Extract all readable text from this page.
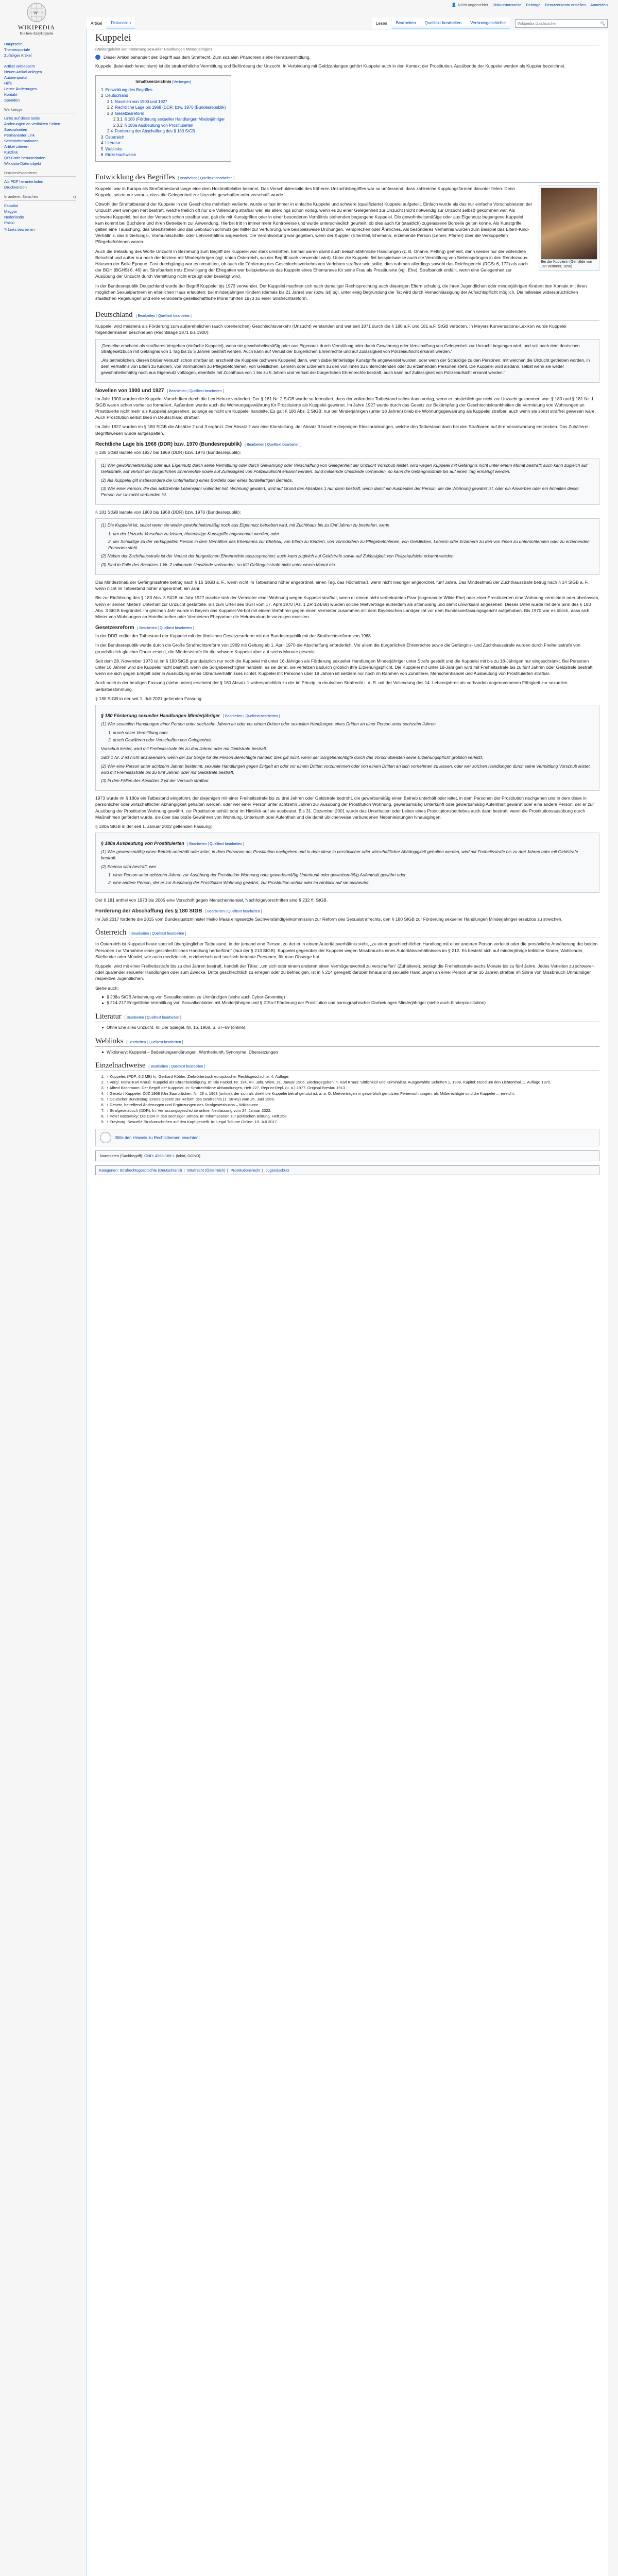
👤 Nicht angemeldet Diskussionsseite Beiträge Benutzerkonto erstellen Anmelden
W
WIKIPEDIA
Die freie Enzyklopädie
Artikel	Diskussion	Lesen	Bearbeiten	Quelltext bearbeiten	Versionsgeschichte	Wikipedia durchsuchen	🔍
Hauptseite
Themenportale
Zufälliger Artikel
Artikel verbessern
Neuen Artikel anlegen
Autorenportal
Hilfe
Letzte Änderungen
Kontakt
Spenden
Werkzeuge
Links auf diese Seite
Änderungen an verlinkten Seiten
Spezialseiten
Permanenter Link
Seiteninformationen
Artikel zitieren
Kurzlink
QR-Code herunterladen
Wikidata-Datenobjekt
Drucken/exportieren
Als PDF herunterladen
Druckversion
In anderen Sprachen	⚙
Español
Magyar
Nederlands
Polski
✎ Links bearbeiten
Kuppelei
(Weitergeleitet von Förderung sexueller Handlungen Minderjähriger)
Dieser Artikel behandelt den Begriff aus dem Strafrecht. Zum sozialen Phänomen siehe Heiratsvermittlung.

Kuppelei (lateinisch lenocinium) ist die strafrechtliche Vermittlung und Befördeung der Unzucht. In Verbindung mit Geldzahlungen gehört Kuppelei auch in den Kontext der Prostitution. Ausübende der Kuppelei werden als Kuppler bezeichnet.

Inhaltsverzeichnis [Verbergen]
1 Entwicklung des Begriffes
2 Deutschland
2.1 Novellen von 1900 und 1927
2.2 Rechtliche Lage bis 1968 (DDR: bzw. 1970 (Bundesrepublik)
2.3 Gesetzesreform
2.3.1 § 180 (Förderung sexueller Handlungen Minderjähriger
2.3.2 § 180a Ausbeutung von Prostituierten
2.4 Forderung der Abschaffung des § 180 StGB
3 Österreich
4 Literatur
5 Weblinks
6 Einzelnachweise
Entwicklung des Begriffes [ Bearbeiten | Quelltext bearbeiten ]
Bei der Kupplerin (Gemälde von Jan Vermeer, 1656)

Kuppelei war in Europa als Straftatbestand lange eine dem Hochmittelalter bekannt. Das Verschuldensbild des früheren Unzuchtsbegriffes war so umfassend, dass zahlreiche Kupplungsformen darunter fielen: Denn Kuppelei setzte nur voraus, dass die Gelegenheit zur Unzucht geschaffen oder verschafft wurde.

Obwohl der Straftatbestand der Kuppelei in der Geschichte mehrfach variierte, wurde er fast immer in einfache Kuppelei und schwere (qualifizierte) Kuppelei aufgeteilt. Einfach wurde als das nur einfache Vorschubleisten der Unzucht wert wenigen hert bestraft, welche freilich oft nur die Vollendung strafbar war, als allerdings schon vorlag, wenn es zu einer Gelegenheit zur Unzucht (nicht notwendig zur Unzucht selbst) gekommen war. Als schwere Kuppelei, bei der der Versuch schon strafbar war, galt die mit Kunstgriffen oder in einer besonderen Verhältnis stehenden begangene Kuppelei. Die gewohnheitsmäßige oder aus Eigennutz begangene Kuppelei kam kommt bei Buchdem und ihren Betreibern zur Anwendung. Hierbei tritt in immer mehr Kontroverse und wurde unterschiedlich geurteilt, ob dies auch für (staatlich) zugelassene Bordelle gelten könne. Als Kunstgriffe galten eine Täuschung, das Gleichstellen und das Gebrauch schmutziger Mittel zur Verführung, wie beispielsweise Drohungen, Versprechen oder Ähnliches. Als besonderes Verhältnis wurden zum Beispiel das Eltern-Kind-Verhältnis, das Erziehungs-, Vormundschafts- oder Lehrverhältnis angesehen. Die Verantwortung war gegeben, wenn der Kuppler (Elternteil, Ehemann, erziehende Person (Lehrer, Pfarrer) über die Verkuppelten Pflegebefohlenen waren.

Auch die Belastung des Worte Unzucht in Beziehung zum Begriff der Kuppelei war stark umstritten. Einmal waren damit auch beischlafähnliche Handlungen (z. B. Onanie, Petting) gemeint, dann wieder nur der vollendete Beischlaf und außer nur noch der letztere mit Minderjährigen (vgl. unten Österreich, wo der Begriff noch verwendet wird). Unter die Kuppelei fiel beispielsweise auch die Vermittlung von Seitensprüngen in den Rendezvous-Häusern der Belle Époque. Fast durchgängig war es umstritten, ob auch die Förderung des Geschlechtsverkehrs von Verlobten strafbar sein sollte, dies nahmen allerdings sowohl das Reichsgericht (RGSt 6, 172) als auch der BGH (BGHSt 6, 46) an. Strafbarkeit trotz Einwilligung der Ehegatten war beispielsweise das Kuppeln eines Ehemannes für seine Frau als Prostituierte (vgl. Ehe). Strafbarkeit entfällt, wenn eine Gelegenheit zur Ausübung der Unzucht durch Vermittlung nicht erzeugt oder beseitigt wird.

In der Bundesrepublik Deutschland wurde der Begriff Kuppelei bis 1973 verwendet. Der Kuppelei machten sich nach damaliger Rechtsprechung auch diejenigen Eltern schuldig, die ihren Jugendlichen oder minderjährigen Kindern den Kontakt mit ihren möglichen Sexualpartnern im elterlichen Haus erlaubten; bei minderjährigen Kindern (damals bis 21 Jahre) war (bzw. ist) ugl, unter einig Begründung der Tat wird durch Vernachlässigung der Aufsichtspflicht möglich. Die teilweise widersprüchlichen staatlichen Regelungen und eine veränderte gesellschaftliche Moral führten 1973 zu einer Strafrechtsreform.

Deutschland [ Bearbeiten | Quelltext bearbeiten ]

Kuppelei wird meistens als Förderung zum außerehelichen (auch vorehelichen) Geschlechtsverkehr (Unzucht) verstanden und war seit 1871 durch die § 180 a.F. und 181 a.F. StGB verboten. In Meyers Konversations-Lexikon wurde Kuppelei folgendermaßen beschrieben (Rechtslage 1871 bis 1900):

„Derselbe erscheint als strafbares Vergehen (einfache Kuppelei), wenn sie gewohnheitsmäßig oder aus Eigennutz durch Vermittlung oder durch Gewährung oder Verschaffung von Gelegenheit zur Unzucht begangen wird, und soll nach dem deutschen Strafgesetzbuch mit Gefängnis von 1 Tag bis zu 5 Jahren bestraft werden. Auch kann auf Verlust der bürgerlichen Ehrenrechte und auf Zulässigkeit von Polizeiaufsicht erkannt werden.“

„Als betrieblichen, diesen bloßer Versuch schon strafbar ist, erscheint die Kuppelei (schwere Kuppelei) dann, wenn dabei hinterlistige Kunstgriffe angewendet wurden, oder wenn der Schuldige zu den Personen, mit welchen die Unzucht getrieben worden, in dem Verhältnis von Eltern zu Kindern, von Vormündern zu Pflegebefohlenen, von Geistlichen, Lehrern oder Erziehern zu den von ihnen zu unterrichtenden oder zu erziehenden Personen steht. Die Kuppelei wird alsdann, selbst wenn sie weder gewohnheitsmäßig noch aus Eigennutz vollzogen, ebenfalls mit Zuchthaus von 1 bis zu 5 Jahren und Verlust der bürgerlichen Ehrenrechte bestraft; auch kann auf Zulässigkeit von Polizeiaufsicht erkannt werden.“

Novellen von 1900 und 1927 [ Bearbeiten | Quelltext bearbeiten ]

Im Jahr 1900 wurden die Kuppelei-Vorschriften durch die Lex Heinze verändert. Der § 181 Nr. 2 StGB wurde so formuliert, dass der vollendete Tatbestand selbst dann vorlag, wenn er tatsächlich gar nicht zur Unzucht gekommen war. § 180 und § 181 Nr. 1 StGB waren schon vorher so formuliert. Außerdem wurde auch die Wohnungsgewährung für Prostituierte als Kuppelei gewertet. Im Jahre 1927 wurde durch das Gesetz zur Bekämpfung der Geschlechtskrankheiten die Vermietung von Wohnungen an Prostituierte nicht mehr als Kuppelei angesehen, solange es nicht um Kuppelei handelte. Es galt § 180 Abs. 2 StGB; nur bei Minderjährigen (unter 18 Jahren) blieb die Wohnungsgewährung als Kuppelei strafbar, auch wenn sie sonst straffrei gewesen wäre. Auch Prostitution selbst blieb in Deutschland strafbar.

Im Jahr 1927 wurden im § 180 StGB die Absätze 2 und 3 ergänzt. Der Absatz 2 war eine Klarstellung, der Absatz 3 brachte diejenigen Einschränkungen, welche den Tatbestand dann bei den Strafbaren auf ihre Verantwortung erstrecken. Das Zuhälterei-Begriffswesen wurde aufgespalten.

Rechtliche Lage bis 1968 (DDR) bzw. 1970 (Bundesrepublik) [ Bearbeiten | Quelltext bearbeiten ]

§ 180 StGB lautete von 1927 bis 1968 (DDR) bzw. 1970 (Bundesrepublik):

(1) Wer gewohnheitsmäßig oder aus Eigennutz durch seine Vermittlung oder durch Gewährung oder Verschaffung von Gelegenheit der Unzucht Vorschub leistet, wird wegen Kuppelei mit Gefängnis nicht unter einem Monat bestraft; auch kann zugleich auf Geldstrafe, auf Verlust der bürgerlichen Ehrenrechte sowie auf Zulässigkeit von Polizeiaufsicht erkannt werden. Sind mildernde Umstände vorhanden, so kann die Gefängnisstrafe bis auf einen Tag ermäßigt werden.

(2) Als Kuppelei gilt insbesondere die Unterhaltung eines Bordells oder eines bordellartigen Betriebs.

(3) Wer einer Person, die das achtzehnte Lebensjahr vollendet hat, Wohnung gewährt, wird auf Grund des Absatzes 1 nur dann bestraft, wenn damit ein Ausbeuten der Person, der die Wohnung gewährt ist, oder ein Anwerben oder ein Anhalten dieser Person zur Unzucht verbunden ist.

§ 181 StGB lautete von 1900 bis 1968 (DDR) bzw. 1970 (Bundesrepublik):

(1) Die Kuppelei ist, selbst wenn sie weder gewohnheitsmäßig noch aus Eigennutz betrieben wird, mit Zuchthaus bis zu fünf Jahren zu bestrafen, wenn

1. um der Unzucht Vorschub zu leisten, hinterlistige Kunstgriffe angewendet werden, oder
2. der Schuldige zu der verkuppelten Person in dem Verhältnis des Ehemanns zur Ehefrau, von Eltern zu Kindern, von Vormündern zu Pflegebefohlenen, von Geistlichen, Lehrern oder Erziehern zu den von ihnen zu unterrichtenden oder zu erziehenden Personen steht.

(2) Neben der Zuchthausstrafe ist der Verlust der bürgerlichen Ehrenrechte auszusprechen; auch kann zugleich auf Geldstrafe sowie auf Zulässigkeit von Polizeiaufsicht erkannt werden.

(3) Sind in Falle des Absatzes 1 Nr. 2 mildernde Umstände vorhanden, so tritt Gefängnisstrafe nicht unter einem Monat ein.

Das Mindestmaß der Gefängnisstrafe betrug nach § 16 StGB a. F., wenn nicht im Tatbestand höher angeordnet, einen Tag, das Höchstmaß, wenn nicht niedriger angeordnet, fünf Jahre. Das Mindestmaß der Zuchthausstrafe betrug nach § 14 StGB a. F., wenn nicht im Tatbestand höher angeordnet, ein Jahr.

Bis zur Einführung des § 180 Abs. 3 StGB im Jahr 1927 machte sich der Vermieter einer Wohnung wegen Kuppelei strafbar, wenn er einem nicht verheirateten Paar (sogenannte Wilde Ehe) oder einer Prostituierten eine Wohnung vermietete oder überlassen, wenn er seinen Mietern Unterhalt zur Unzucht gestattete. Bis zum Urteil des BGH vom 17. April 1970 (Az. 1 ZR 124/68) wurden solche Mietverträge außerdem als sittenwidrig und damit unwirksam angesehen. Dieses Urteil wurde mit dem Sinn des § 180 Abs. 3 StGB begründet. Im gleichen Jahr wurde in Bayern das Kuppelei-Verbot mit einem Verfahren gegen einen Vermieter zusammen mit dem Bayerischen Landgericht vor dem Bundesverfassungsgericht aufgehoben. Bis 1970 war es üblich, dass sich Mieter von Wohnungen an Hotelbetreiber oder Vermietern Ehepartner die Heiratsurkunde vorzeigen mussten.

Gesetzesreform [ Bearbeiten | Quelltext bearbeiten ]

In der DDR entfiel der Tatbestand der Kuppelei mit der ähnlichen Gesetzesreform mit der Bundesrepublik mit der Strafrechtsreform von 1968.

In der Bundesrepublik wurde durch die Große Strafrechtsreform von 1969 mit Geltung ab 1. April 1970 die Abschaffung erforderlich. Vor allem die bürgerlichen Ehrenrechte sowie die Gefängnis- und Zuchthausstrafe wurden durch Freiheitsstrafe von grundsätzlich gleicher Dauer ersetzt, die Mindeststrafe für die schwere Kuppelei aber auf sechs Monate gesenkt.

Seit dem 28. November 1973 ist im § 180 StGB grundsätzlich nur noch die Kuppelei mit unter 16-Jährigen als Förderung sexueller Handlungen Minderjähriger unter Strafe gestellt und die Kuppelei mit bis zu 18-Jährigen nur eingeschränkt. Bei Personen unter 16 Jahren wird die Kuppelei nicht bestraft, wenn die Sorgeberechtigten handeln, es sei denn, sie verletzen dadurch gröblich ihre Erziehungspflicht. Die Kuppelei mit unter 18-Jährigen wird mit Freiheitsstrafe bis zu fünf Jahren oder Geldstrafe bestraft, wenn sie sich gegen Entgelt oder in Ausnutzung eines Obhutsverhältnisses richtet. Kuppelei mit Personen über 18 Jahren ist seitdem nur noch im Rahmen von Zuhälterei, Menschenhandel und Ausbeutung von Prostituierten strafbar.

Auch noch in der heutigen Fassung (siehe unten) erscheint der § 180 Absatz 1 widersprüchlich zu der im Prinzip im deutschen Strafrecht i. d. R. mit der Vollendung des 14. Lebensjahres als vorhanden angenommenen Fähigkeit zur sexuellen Selbstbestimmung.

§ 180 StGB in der seit 1. Juli 2021 geltenden Fassung:

§ 180 Förderung sexueller Handlungen Minderjähriger [ Bearbeiten | Quelltext bearbeiten ]

(1) Wer sexuellen Handlungen einer Person unter sechzehn Jahren an oder vor einem Dritten oder sexuellen Handlungen eines Dritten an einer Person unter sechzehn Jahren

1. durch seine Vermittlung oder
2. durch Gewähren oder Verschaffen von Gelegenheit

Vorschub leistet, wird mit Freiheitsstrafe bis zu drei Jahren oder mit Geldstrafe bestraft.

Satz 1 Nr. 2 ist nicht anzuwenden, wenn der zur Sorge für die Person Berechtigte handelt; dies gilt nicht, wenn der Sorgeberechtigte durch das Vorschubleisten seine Erziehungspflicht gröblich verletzt.

(2) Wer eine Person unter achtzehn Jahren bestimmt, sexuelle Handlungen gegen Entgelt an oder vor einem Dritten vorzunehmen oder von einem Dritten an sich vornehmen zu lassen, oder wer solchen Handlungen durch seine Vermittlung Vorschub leistet, wird mit Freiheitsstrafe bis zu fünf Jahren oder mit Geldstrafe bestraft.

(3) In den Fällen des Absatzes 2 ist der Versuch strafbar.

1973 wurde im § 180a ein Tatbestand eingeführt, der diejenigen mit einer Freiheitsstrafe bis zu drei Jahren oder Geldstrafe bedroht, die gewerbsmäßig einen Betrieb unterhält oder leitet, in dem Personen der Prostitution nachgehen und in dem diese in persönlicher oder wirtschaftlicher Abhängigkeit gehalten werden, oder wer einer Person unter achtzehn Jahren zur Ausübung der Prostitution Wohnung, gewerbsmäßig Unterkunft oder gewerbsmäßig Aufenthalt gewährt oder eine andere Person, der er zur Ausübung der Prostitution Wohnung gewährt, zur Prostitution anhält oder im Hinblick auf sie ausbeutet. Bis 31. Dezember 2001 wurde das Unterhalten oder Leiten eines Prostitutionsbetriebes auch dann bestraft, wenn die Prostitutionsausübung durch Maßnahmen gefördert wurde, die über das bloße Gewähren von Wohnung, Unterkunft oder Aufenthalt und die damit üblicherweise verbundenen Nebenleistungen hinausgingen.

§ 180a StGB in der seit 1. Januar 2002 geltenden Fassung:

§ 180a Ausbeutung von Prostituierten [ Bearbeiten | Quelltext bearbeiten ]

(1) Wer gewerbsmäßig einen Betrieb unterhält oder leitet, in dem Personen der Prostitution nachgehen und in dem diese in persönlicher oder wirtschaftlicher Abhängigkeit gehalten werden, wird mit Freiheitsstrafe bis zu drei Jahren oder mit Geldstrafe bestraft.

(2) Ebenso wird bestraft, wer

1. einer Person unter achtzehn Jahren zur Ausübung der Prostitution Wohnung oder gewerbsmäßig Unterkunft oder gewerbsmäßig Aufenthalt gewährt oder
2. eine andere Person, der er zur Ausübung der Prostitution Wohnung gewährt, zur Prostitution anhält oder im Hinblick auf sie ausbeutet.

Der § 181 entfiel von 1973 bis 2005 eine Vorschrift gegen Menschenhandel, Nachfolgevorschriften sind § 232 ff. StGB.

Forderung der Abschaffung des § 180 StGB [ Bearbeiten | Quelltext bearbeiten ]

Im Juli 2017 forderte die 2015 vom Bundesjustizminister Heiko Maas eingesetzte Sachverständigenkommission zur Reform des Sexualstrafrechts, den § 180 StGB zur Förderung sexueller Handlungen Minderjähriger ersatzlos zu streichen.

Österreich [ Bearbeiten | Quelltext bearbeiten ]

In Österreich ist Kuppelei heute speziell übergänglicher Tatbestand, in der jemand eine Person, zu der er in einem Autoritätsverhältnis steht, „zu einer geschlechtlichen Handlung mit einer anderen Person verleitet oder die persönliche Annäherung der beiden Personen zur Vornahme einer geschlechtlichen Handlung herbeiführt“ (laut der § 213 StGB). Kuppelei gegenüber der Kuppelei wegen Missbrauchs eines Autoritätsverhältnisses im § 212. Es besteht sich auf minderjährige leibliche Kinder, Wahlkinder, Stiefkinder oder Mündel, wie auch medizinisch, erzieherisch und seelisch betreute Personen, für man Obsorge hat.

Kuppelei wird mit einer Freiheitsstrafe bis zu drei Jahren bestraft, handelt der Täter, „um sich oder einem anderen einen Vermögensvorteil zu verschaffen“ (Zuhälterei), beträgt die Freiheitsstrafe sechs Monate bis zu fünf Jahre. Jedes Verleiten zu schwerer- oder quälender sexueller Handlungen oder zum Zwecke, Dritte geschlechtlich zu erregen oder zu befriedigen, ist in § 214 geregelt; darüber hinaus sind sexuelle Handlungen an einer Person unter 16 Jahren strafbar im Sinne von Missbrauch Unmündiger respektive Jugendlichen.

Siehe auch:

§ 208a StGB Anbahnung von Sexualkontakten zu Unmündigen (siehe auch Cyber-Grooming)
§ 214-217 Entgeltliche Vermittlung von Sexualkontakten mit Minderjährigen und § 215a-f Förderung der Prostitution und pornographischer Darbietungen Minderjähriger (siehe auch Kinderprostitution)
Literatur [ Bearbeiten | Quelltext bearbeiten ]
Ohne Ehe alles Unzucht. In: Der Spiegel. Nr. 16, 1968, S. 67–69 (online).
Weblinks [ Bearbeiten | Quelltext bearbeiten ]
Wiktionary: Kuppelei – Bedeutungserklärungen, Wortherkunft, Synonyme, Übersetzungen
Einzelnachweise [ Bearbeiten | Quelltext bearbeiten ]
1. ↑ Kuppelei. (PDF; 6,2 MB) In: Gerhard Köbler: Zielwörterbuch europäischer Rechtsgeschichte. 4. Auflage.
2. ↑ Vergl. Heinz-Karl Krauß: Kuppelei als Ehrenbeleidigung. In: Die Fackel. Nr. 194, VII. Jahr, Wien, 31. Januar 1906, wiedergegeben in: Karl Kraus: Sittlichkeit und Kriminalität. Ausgewählte Schriften 1, 1908, Kapitel: Rund um den Lichtenthal. 1. Auflage 1970.
3. ↑ Alfred Bachmann: Der Begriff der Kuppelei. In: Strafrechtliche Abhandlungen, Heft 227, Reprint-Repl. (u. a.) 1977. Original Breslau 1913.
4. ↑ Gesetz / Kuppelei. ÖJZ 1968 (Uni Saarbrücken, Nr. 26 v. 1968 (online), der sich als direkt die Kuppelei betraf genutzt ist, a. a. O. Mietverträgen in gewerblich genutzten Ferienwohnungen; als Mitberechtigte sind die Kuppelei ... erreicht.
5. ↑ Deutscher Bundestag: Erstes Gesetz zur Reform des Strafrechts (1. StrRG) vom 25. Juni 1969.
6. ↑ Gesetz, betreffend Änderungen und Ergänzungen des Strafgesetzbuchs – Wikisource
7. ↑ Strafgesetzbuch (DDR). In: Verfassungsgeschichte online. Neufassung vom 24. Januar 2022.
8. ↑ Peter Bozowsky: Die DDR in den sechziger Jahren. In: Informationen zur politischen Bildung, Heft 258.
9. ↑ Freyburg: Sexuelle Strafvorschriften auf den Kopf gestellt. In: Legal Tribune Online. 19. Juli 2017.
Bitte den Hinweis zu Rechtsthemen beachten!
Normdaten (Sachbegriff): GND: 4363-169-1 (lobid, OGND)
Kategorien: Strafrechtsgeschichte (Deutschland) | Strafrecht (Österreich) | Prostitutionsrecht | Jugendschutz
